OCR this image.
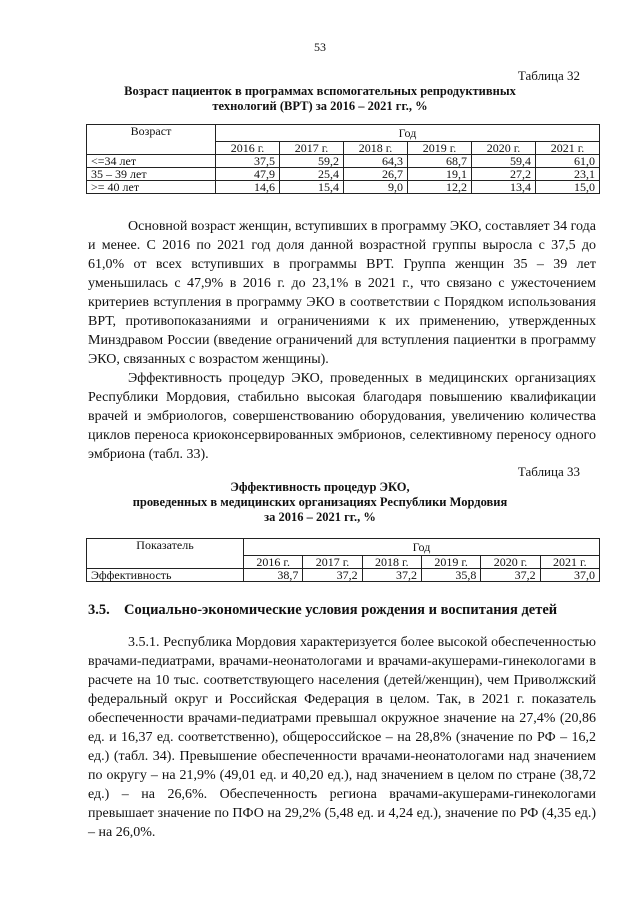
53
Таблица 32
Возраст пациенток в программах вспомогательных репродуктивных
технологий (ВРТ) за 2016 – 2021 гг., %
Возраст	Год					
	2016 г.	2017 г.	2018 г.	2019 г.	2020 г.	2021 г.
<=34 лет	37,5	59,2	64,3	68,7	59,4	61,0
35 – 39 лет	47,9	25,4	26,7	19,1	27,2	23,1
>= 40 лет	14,6	15,4	9,0	12,2	13,4	15,0

Основной возраст женщин, вступивших в программу ЭКО, составляет 34 года и менее. С 2016 по 2021 год доля данной возрастной группы выросла с 37,5 до 61,0% от всех вступивших в программы ВРТ. Группа женщин 35 – 39 лет уменьшилась с 47,9% в 2016 г. до 23,1% в 2021 г., что связано с ужесточением критериев вступления в программу ЭКО в соответствии с Порядком использования ВРТ, противопоказаниями и ограничениями к их применению, утвержденных Минздравом России (введение ограничений для вступления пациентки в программу ЭКО, связанных с возрастом женщины).

Эффективность процедур ЭКО, проведенных в медицинских организациях Республики Мордовия, стабильно высокая благодаря повышению квалификации врачей и эмбриологов, совершенствованию оборудования, увеличению количества циклов переноса криоконсервированных эмбрионов, селективному переносу одного эмбриона (табл. 33).

Таблица 33
Эффективность процедур ЭКО,
проведенных в медицинских организациях Республики Мордовия
за 2016 – 2021 гг., %
Показатель	Год					
	2016 г.	2017 г.	2018 г.	2019 г.	2020 г.	2021 г.
Эффективность	38,7	37,2	37,2	35,8	37,2	37,0
3.5. Социально-экономические условия рождения и воспитания детей

3.5.1. Республика Мордовия характеризуется более высокой обеспеченностью врачами-педиатрами, врачами-неонатологами и врачами-акушерами-гинекологами в расчете на 10 тыс. соответствующего населения (детей/женщин), чем Приволжский федеральный округ и Российская Федерация в целом. Так, в 2021 г. показатель обеспеченности врачами-педиатрами превышал окружное значение на 27,4% (20,86 ед. и 16,37 ед. соответственно), общероссийское – на 28,8% (значение по РФ – 16,2 ед.) (табл. 34). Превышение обеспеченности врачами-неонатологами над значением по округу – на 21,9% (49,01 ед. и 40,20 ед.), над значением в целом по стране (38,72 ед.) – на 26,6%. Обеспеченность региона врачами-акушерами-гинекологами превышает значение по ПФО на 29,2% (5,48 ед. и 4,24 ед.), значение по РФ (4,35 ед.) – на 26,0%.
